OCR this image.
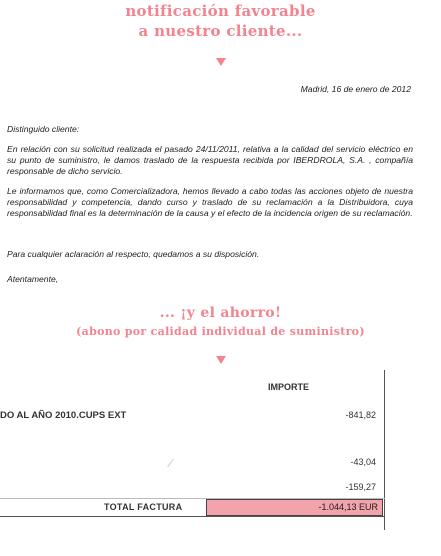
notificación favorable
a nuestro cliente...
Madrid, 16 de enero de 2012
Distinguido cliente:
En relación con su solicitud realizada el pasado 24/11/2011, relativa a la calidad del servicio eléctrico en su punto de suministro, le damos traslado de la respuesta recibida por IBERDROLA, S.A. , compañía responsable de dicho servicio.
Le informamos que, como Comercializadora, hemos llevado a cabo todas las acciones objeto de nuestra responsabilidad y competencia, dando curso y traslado de su reclamación a la Distribuidora, cuya responsabilidad final es la determinación de la causa y el efecto de la incidencia origen de su reclamación.
Para cualquier aclaración al respecto, quedamos a su disposición.
Atentamente,
... ¡y el ahorro!
(abono por calidad individual de suministro)
IMPORTE
DO AL AÑO 2010.CUPS EXT	-841,82
-43,04
-159,27
TOTAL FACTURA	-1.044,13 EUR
